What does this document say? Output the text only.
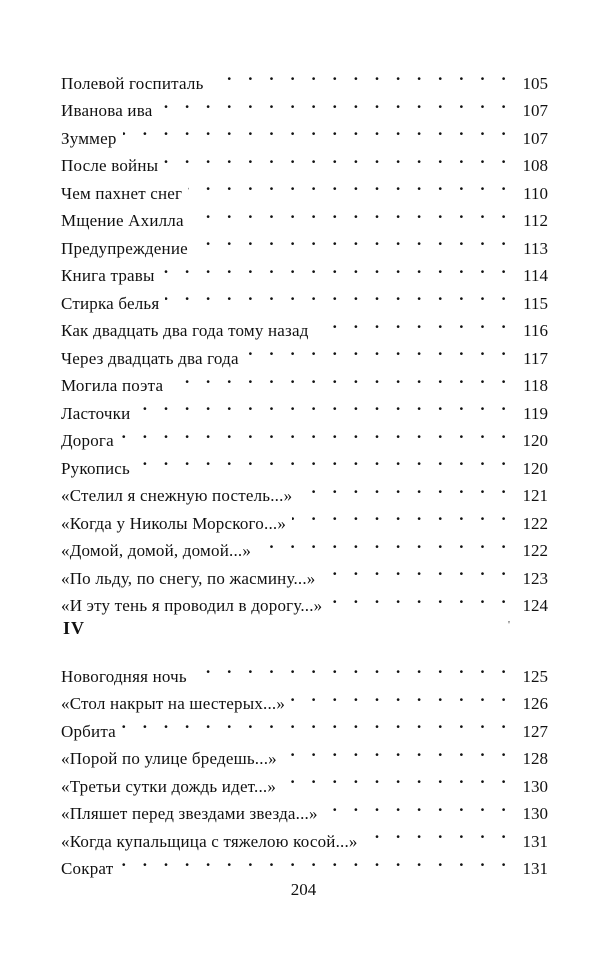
Полевой госпиталь . . .	105
Иванова ива . . .	107
Зуммер . . .	107
После войны . . .	108
Чем пахнет снег . . .	110
Мщение Ахилла . . .	112
Предупреждение . . .	113
Книга травы . . .	114
Стирка белья . . .	115
Как двадцать два года тому назад . . .	116
Через двадцать два года . . .	117
Могила поэта . . .	118
Ласточки . . .	119
Дорога . . .	120
Рукопись . . .	120
«Стелил я снежную постель...» . . .	121
«Когда у Николы Морского...» . . .	122
«Домой, домой, домой...» . . .	122
«По льду, по снегу, по жасмину...» . . .	123
«И эту тень я проводил в дорогу...» . . .	124
IV	'
Новогодняя ночь . . .	125
«Стол накрыт на шестерых...» . . .	126
Орбита . . .	127
«Порой по улице бредешь...» . . .	128
«Третьи сутки дождь идет...» . . .	130
«Пляшет перед звездами звезда...» . . .	130
«Когда купальщица с тяжелою косой...» . . .	131
Сократ . . .	131
204
